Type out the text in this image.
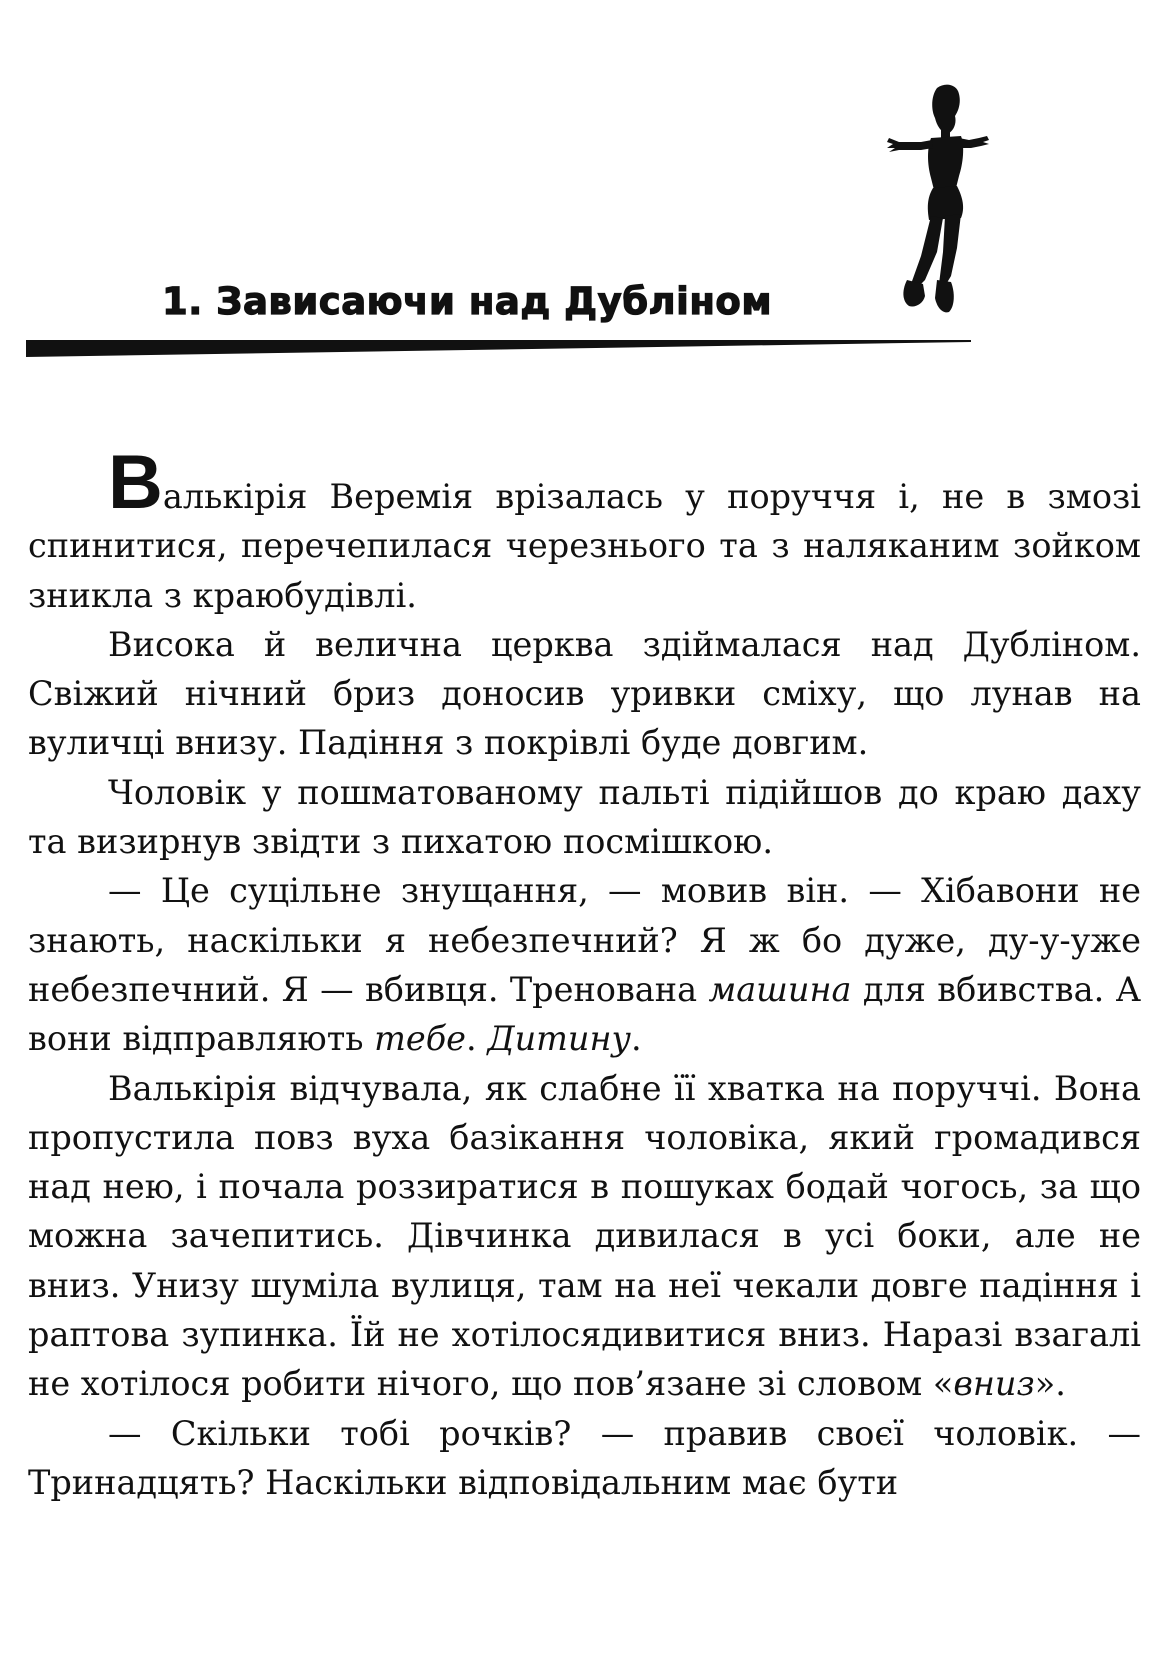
1. Зависаючи над Дубліном

Валькірія Веремія врізалась у поруччя і, не в змозі спинитися, перечепилася черезнього та з наляканим зойком зникла з краюбудівлі.

Висока й велична церква здіймалася над Дубліном. Свіжий нічний бриз доносив уривки сміху, що лунав на вуличці внизу. Падіння з покрівлі буде довгим.

Чоловік у пошматованому пальті підійшов до краю даху та визирнув звідти з пихатою посмішкою.

— Це суцільне знущання, — мовив він. — Хібавони не знають, наскільки я небезпечний? Я ж бо дуже, ду-у-уже небезпечний. Я — вбивця. Тренована машина для вбивства. А вони відправляють тебе. Дитину.

Валькірія відчувала, як слабне її хватка на поруччі. Вона пропустила повз вуха базікання чоловіка, який громадився над нею, і почала роззиратися в пошуках бодай чогось, за що можна зачепитись. Дівчинка дивилася в усі боки, але не вниз. Унизу шуміла вулиця, там на неї чекали довге падіння і раптова зупинка. Їй не хотілосядивитися вниз. Наразі взагалі не хотілося робити нічого, що пов’язане зі словом «вниз».

— Скільки тобі рочків? — правив своєї чоловік. — Тринадцять? Наскільки відповідальним має бути
